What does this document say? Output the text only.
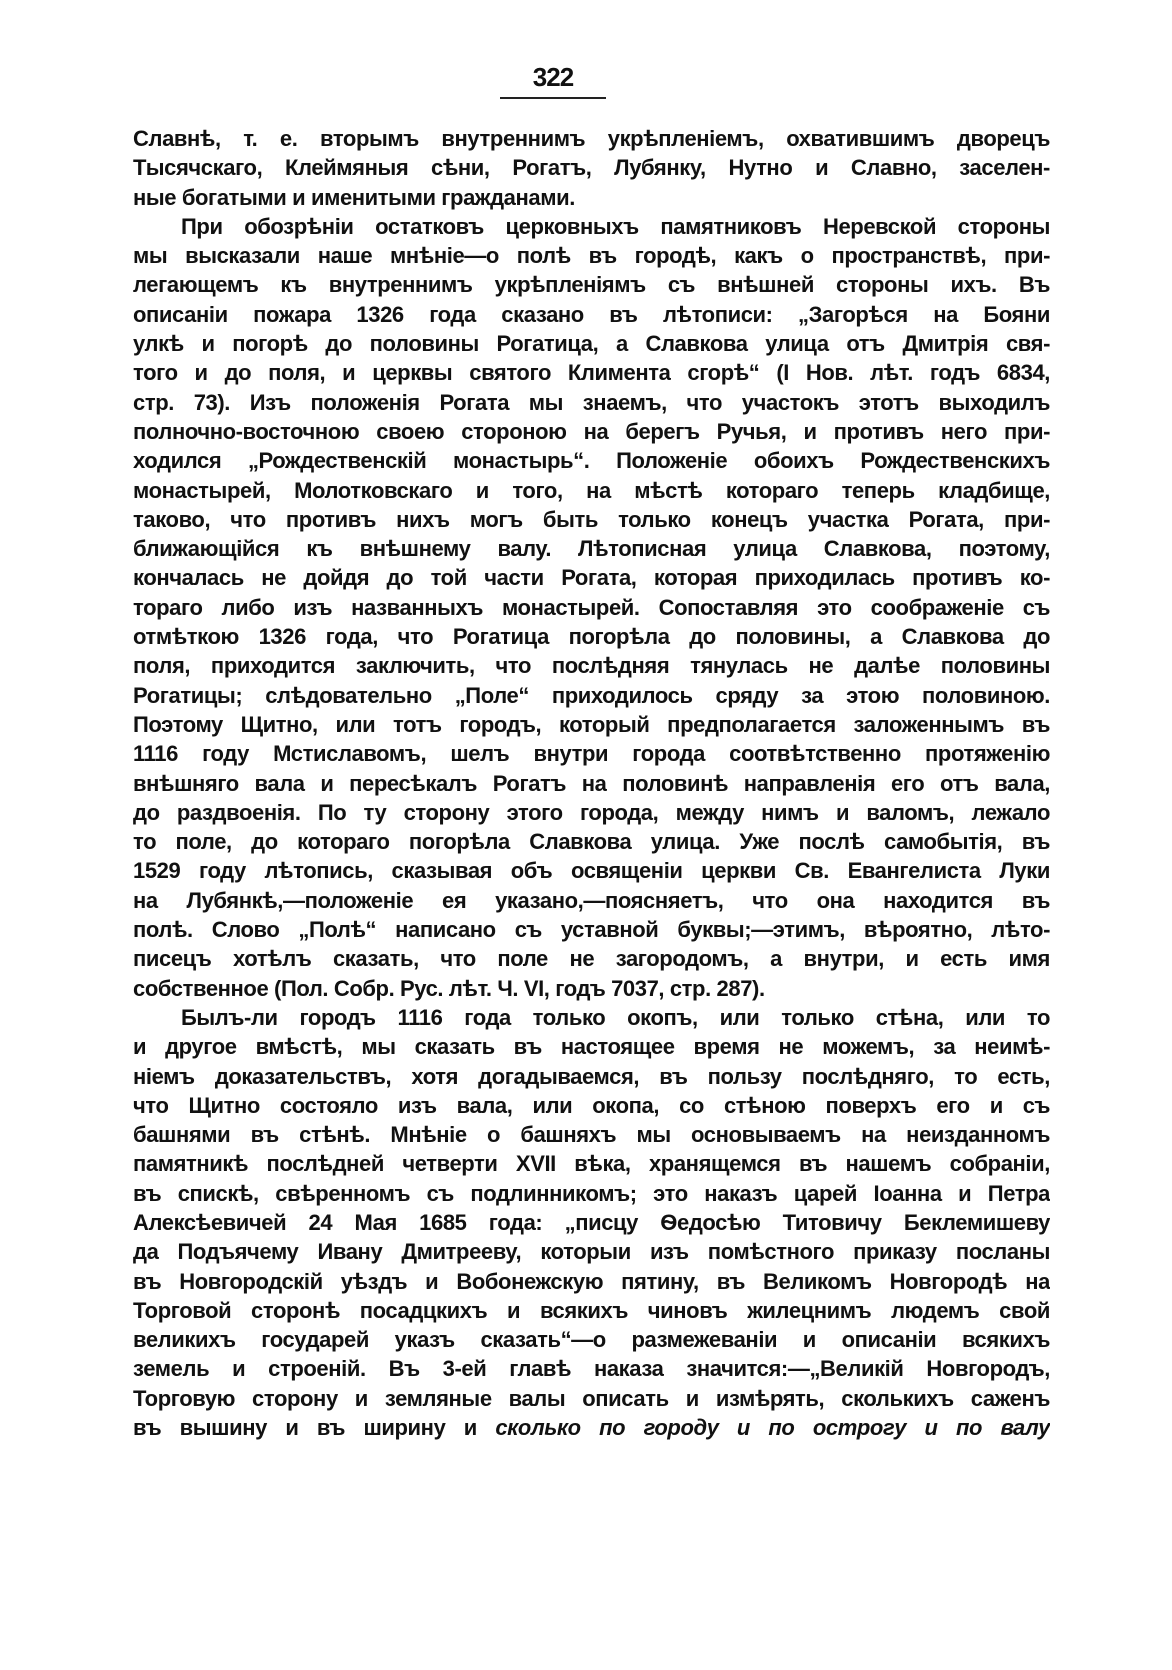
322
Славнѣ, т. е. вторымъ внутреннимъ укрѣпленiемъ, охватившимъ дворецъ
Тысячскаго, Клеймяныя сѣни, Рогатъ, Лубянку, Нутно и Славно, заселен-
ные богатыми и именитыми гражданами.
При обозрѣнiи остатковъ церковныхъ памятниковъ Неревской стороны
мы высказали наше мнѣнiе—о полѣ въ городѣ, какъ о пространствѣ, при-
легающемъ къ внутреннимъ укрѣпленiямъ съ внѣшней стороны ихъ. Въ
описанiи пожара 1326 года сказано въ лѣтописи: „Загорѣся на Бояни
улкѣ и погорѣ до половины Рогатица, а Славкова улица отъ Дмитрiя свя-
того и до поля, и церквы святого Климента сгорѣ“ (I Нов. лѣт. годъ 6834,
стр. 73). Изъ положенiя Рогата мы знаемъ, что участокъ этотъ выходилъ
полночно-восточною своею стороною на берегъ Ручья, и противъ него при-
ходился „Рождественскiй монастырь“. Положенiе обоихъ Рождественскихъ
монастырей, Молотковскаго и того, на мѣстѣ котораго теперь кладбище,
таково, что противъ нихъ могъ быть только конецъ участка Рогата, при-
ближающiйся къ внѣшнему валу. Лѣтописная улица Славкова, поэтому,
кончалась не дойдя до той части Рогата, которая приходилась противъ ко-
тораго либо изъ названныхъ монастырей. Сопоставляя это соображенiе съ
отмѣткою 1326 года, что Рогатица погорѣла до половины, а Славкова до
поля, приходится заключить, что послѣдняя тянулась не далѣе половины
Рогатицы; слѣдовательно „Поле“ приходилось сряду за этою половиною.
Поэтому Щитно, или тотъ городъ, который предполагается заложеннымъ въ
1116 году Мстиславомъ, шелъ внутри города соотвѣтственно протяженiю
внѣшняго вала и пересѣкалъ Рогатъ на половинѣ направленiя его отъ вала,
до раздвоенiя. По ту сторону этого города, между нимъ и валомъ, лежало
то поле, до котораго погорѣла Славкова улица. Уже послѣ самобытiя, въ
1529 году лѣтопись, сказывая объ освященiи церкви Св. Евангелиста Луки
на Лубянкѣ,—положенiе ея указано,—поясняетъ, что она находится въ
полѣ. Слово „Полѣ“ написано съ уставной буквы;—этимъ, вѣроятно, лѣто-
писецъ хотѣлъ сказать, что поле не загородомъ, а внутри, и есть имя
собственное (Пол. Собр. Рус. лѣт. Ч. VI, годъ 7037, стр. 287).
Былъ-ли городъ 1116 года только окопъ, или только стѣна, или то
и другое вмѣстѣ, мы сказать въ настоящее время не можемъ, за неимѣ-
нiемъ доказательствъ, хотя догадываемся, въ пользу послѣдняго, то есть,
что Щитно состояло изъ вала, или окопа, со стѣною поверхъ его и съ
башнями въ стѣнѣ. Мнѣнiе о башняхъ мы основываемъ на неизданномъ
памятникѣ послѣдней четверти XVII вѣка, хранящемся въ нашемъ собранiи,
въ спискѣ, свѣренномъ съ подлинникомъ; это наказъ царей Iоанна и Петра
Алексѣевичей 24 Мая 1685 года: „писцу Ѳедосѣю Титовичу Беклемишеву
да Подъячему Ивану Дмитрееву, которыи изъ помѣстного приказу посланы
въ Новгородскiй уѣздъ и Вобонежскую пятину, въ Великомъ Новгородѣ на
Торговой сторонѣ посадцкихъ и всякихъ чиновъ жилецнимъ людемъ свой
великихъ государей указъ сказать“—о размежеванiи и описанiи всякихъ
земель и строенiй. Въ 3-ей главѣ наказа значится:—„Великiй Новгородъ,
Торговую сторону и земляные валы описать и измѣрять, сколькихъ саженъ
въ вышину и въ ширину и сколько по городу и по острогу и по валу
